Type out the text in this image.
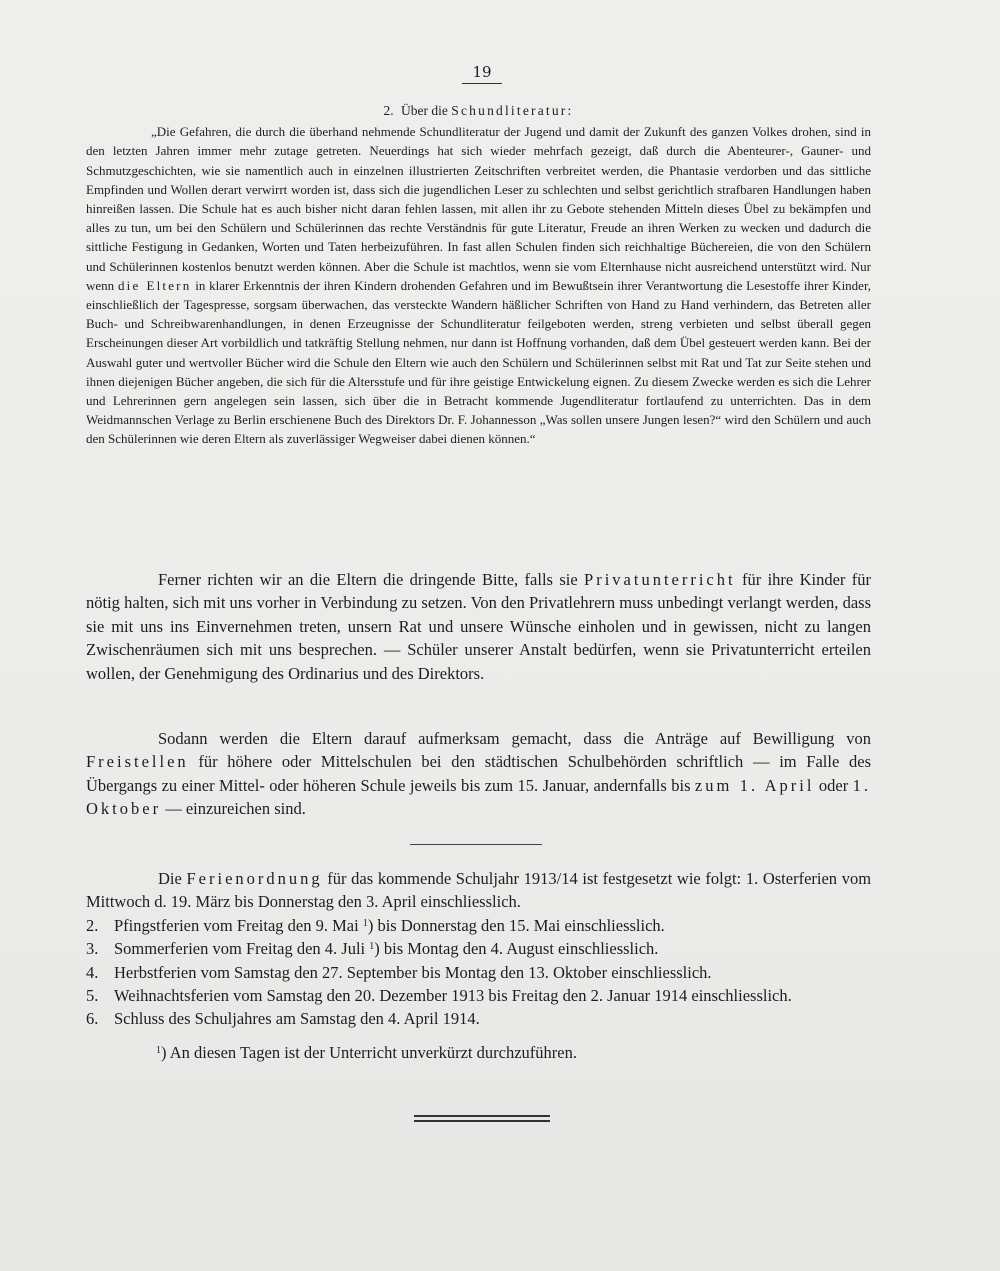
19
2. Über die Schundliteratur:

„Die Gefahren, die durch die überhand nehmende Schundliteratur der Jugend und damit der Zukunft des ganzen Volkes drohen, sind in den letzten Jahren immer mehr zutage getreten. Neuerdings hat sich wieder mehrfach gezeigt, daß durch die Abenteurer-, Gauner- und Schmutzgeschichten, wie sie namentlich auch in einzelnen illustrierten Zeitschriften verbreitet werden, die Phantasie verdorben und das sittliche Empfinden und Wollen derart verwirrt worden ist, dass sich die jugendlichen Leser zu schlechten und selbst gerichtlich strafbaren Handlungen haben hinreißen lassen. Die Schule hat es auch bisher nicht daran fehlen lassen, mit allen ihr zu Gebote stehenden Mitteln dieses Übel zu bekämpfen und alles zu tun, um bei den Schülern und Schülerinnen das rechte Verständnis für gute Literatur, Freude an ihren Werken zu wecken und dadurch die sittliche Festigung in Gedanken, Worten und Taten herbeizuführen. In fast allen Schulen finden sich reichhaltige Büchereien, die von den Schülern und Schülerinnen kostenlos benutzt werden können. Aber die Schule ist machtlos, wenn sie vom Elternhause nicht ausreichend unterstützt wird. Nur wenn die Eltern in klarer Erkenntnis der ihren Kindern drohenden Gefahren und im Bewußtsein ihrer Verantwortung die Lesestoffe ihrer Kinder, einschließlich der Tagespresse, sorgsam überwachen, das versteckte Wandern häßlicher Schriften von Hand zu Hand verhindern, das Betreten aller Buch- und Schreibwarenhandlungen, in denen Erzeugnisse der Schundliteratur feilgeboten werden, streng verbieten und selbst überall gegen Erscheinungen dieser Art vorbildlich und tatkräftig Stellung nehmen, nur dann ist Hoffnung vorhanden, daß dem Übel gesteuert werden kann. Bei der Auswahl guter und wertvoller Bücher wird die Schule den Eltern wie auch den Schülern und Schülerinnen selbst mit Rat und Tat zur Seite stehen und ihnen diejenigen Bücher angeben, die sich für die Altersstufe und für ihre geistige Entwickelung eignen. Zu diesem Zwecke werden es sich die Lehrer und Lehrerinnen gern angelegen sein lassen, sich über die in Betracht kommende Jugendliteratur fortlaufend zu unterrichten. Das in dem Weidmannschen Verlage zu Berlin erschienene Buch des Direktors Dr. F. Johannesson „Was sollen unsere Jungen lesen?“ wird den Schülern und auch den Schülerinnen wie deren Eltern als zuverlässiger Wegweiser dabei dienen können.“

Ferner richten wir an die Eltern die dringende Bitte, falls sie Privatunterricht für ihre Kinder für nötig halten, sich mit uns vorher in Verbindung zu setzen. Von den Privatlehrern muss unbedingt verlangt werden, dass sie mit uns ins Einvernehmen treten, unsern Rat und unsere Wünsche einholen und in gewissen, nicht zu langen Zwischenräumen sich mit uns besprechen. — Schüler unserer Anstalt bedürfen, wenn sie Privatunterricht erteilen wollen, der Genehmigung des Ordinarius und des Direktors.

Sodann werden die Eltern darauf aufmerksam gemacht, dass die Anträge auf Bewilligung von Freistellen für höhere oder Mittelschulen bei den städtischen Schulbehörden schriftlich — im Falle des Übergangs zu einer Mittel- oder höheren Schule jeweils bis zum 15. Januar, andernfalls bis zum 1. April oder 1. Oktober — einzureichen sind.

Die Ferienordnung für das kommende Schuljahr 1913/14 ist festgesetzt wie folgt: 1. Osterferien vom Mittwoch d. 19. März bis Donnerstag den 3. April einschliesslich.

2. Pfingstferien vom Freitag den 9. Mai $^1$) bis Donnerstag den 15. Mai einschliesslich.
3. Sommerferien vom Freitag den 4. Juli $^1$) bis Montag den 4. August einschliesslich.
4. Herbstferien vom Samstag den 27. September bis Montag den 13. Oktober einschliesslich.
5. Weihnachtsferien vom Samstag den 20. Dezember 1913 bis Freitag den 2. Januar 1914 einschliesslich.
6. Schluss des Schuljahres am Samstag den 4. April 1914.
$^1$) An diesen Tagen ist der Unterricht unverkürzt durchzuführen.
